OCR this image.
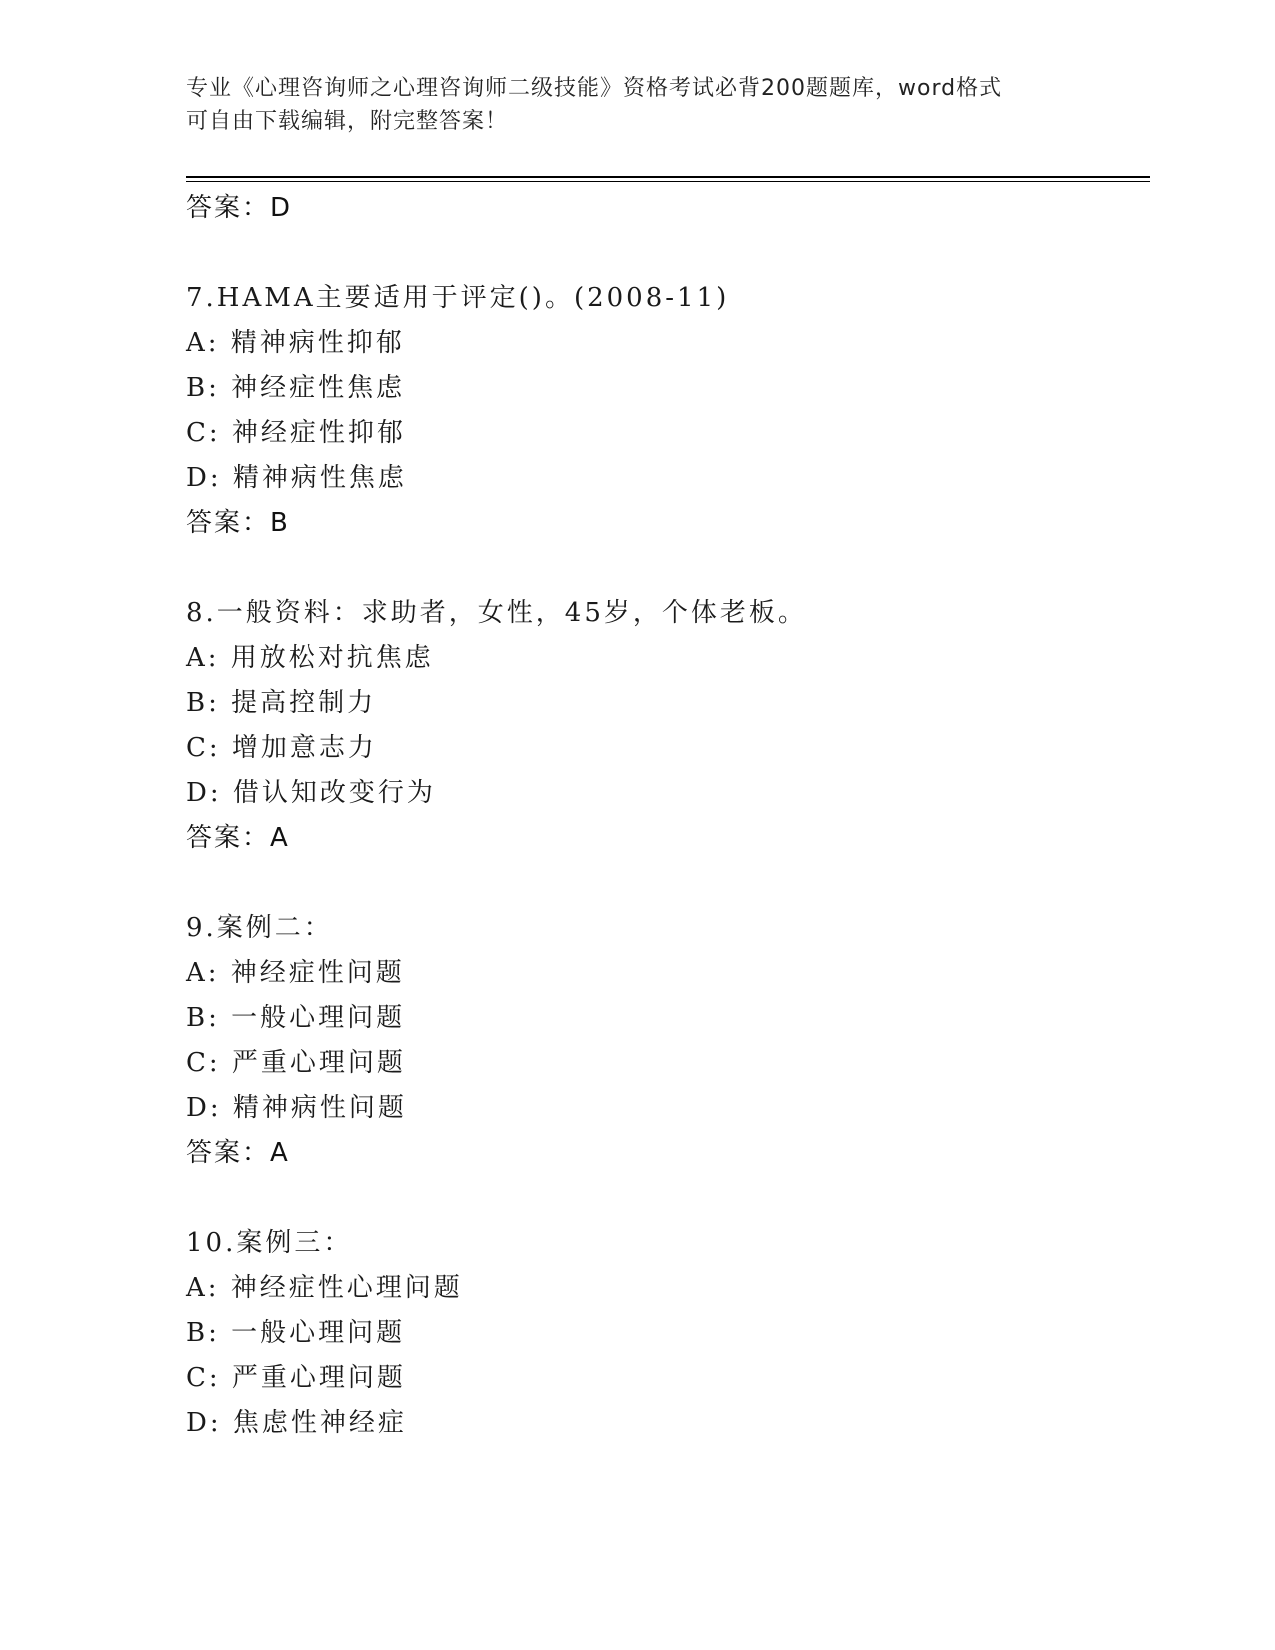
专业《心理咨询师之心理咨询师二级技能》资格考试必背200题题库，word格式
可自由下载编辑，附完整答案！
答案：D
7.HAMA主要适用于评定()。(2008-11)
A: 精神病性抑郁
B: 神经症性焦虑
C: 神经症性抑郁
D: 精神病性焦虑
答案：B
8.一般资料：求助者，女性，45岁，个体老板。
A: 用放松对抗焦虑
B: 提高控制力
C: 增加意志力
D: 借认知改变行为
答案：A
9.案例二：
A: 神经症性问题
B: 一般心理问题
C: 严重心理问题
D: 精神病性问题
答案：A
10.案例三：
A: 神经症性心理问题
B: 一般心理问题
C: 严重心理问题
D: 焦虑性神经症
